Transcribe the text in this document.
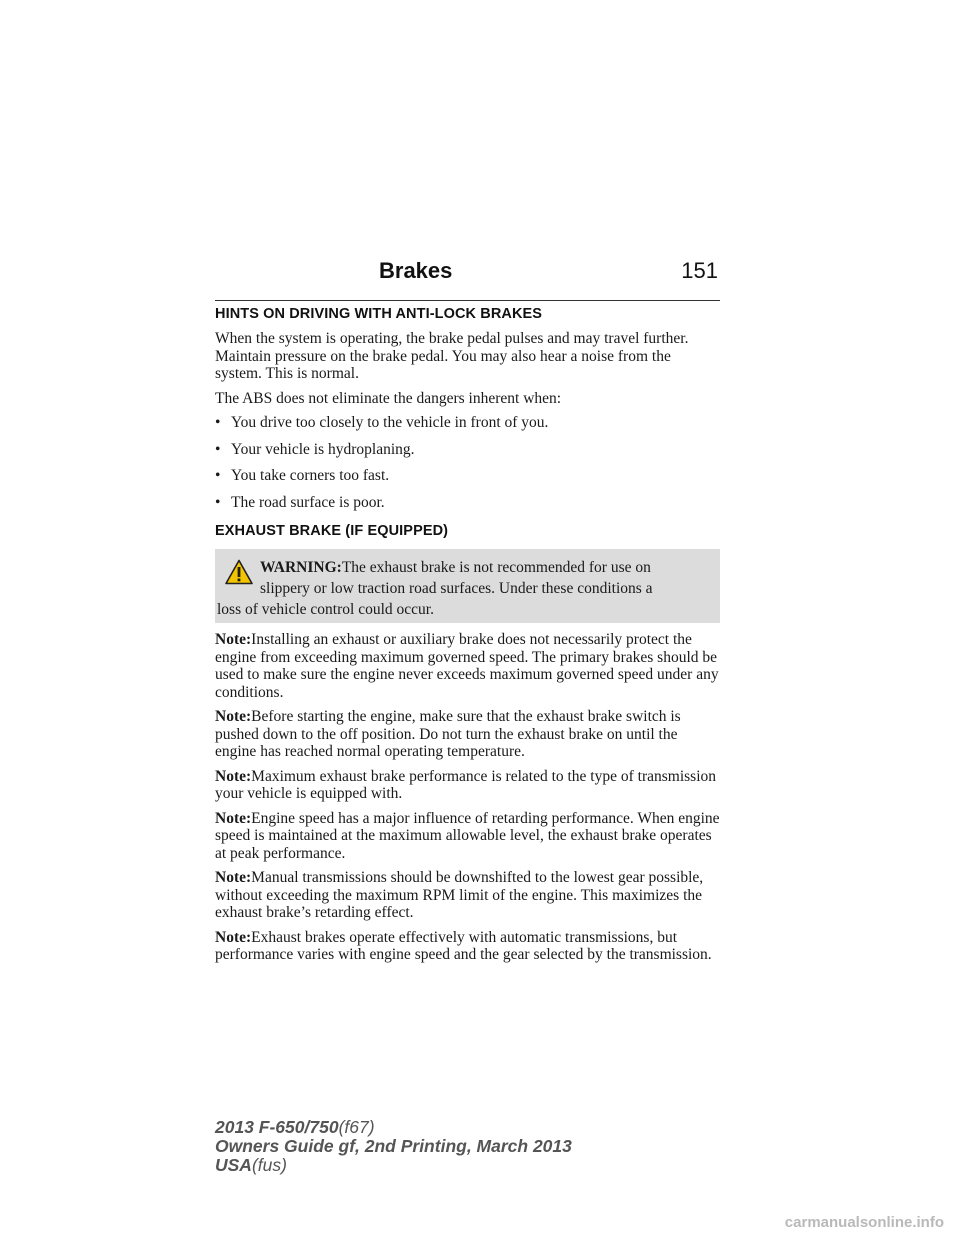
Brakes	151
HINTS ON DRIVING WITH ANTI-LOCK BRAKES

When the system is operating, the brake pedal pulses and may travel further. Maintain pressure on the brake pedal. You may also hear a noise from the system. This is normal.

The ABS does not eliminate the dangers inherent when:

• You drive too closely to the vehicle in front of you.
• Your vehicle is hydroplaning.
• You take corners too fast.
• The road surface is poor.
EXHAUST BRAKE (IF EQUIPPED)
WARNING:The exhaust brake is not recommended for use on
slippery or low traction road surfaces. Under these conditions a
loss of vehicle control could occur.

Note:Installing an exhaust or auxiliary brake does not necessarily protect the engine from exceeding maximum governed speed. The primary brakes should be used to make sure the engine never exceeds maximum governed speed under any conditions.

Note:Before starting the engine, make sure that the exhaust brake switch is pushed down to the off position. Do not turn the exhaust brake on until the engine has reached normal operating temperature.

Note:Maximum exhaust brake performance is related to the type of transmission your vehicle is equipped with.

Note:Engine speed has a major influence of retarding performance. When engine speed is maintained at the maximum allowable level, the exhaust brake operates at peak performance.

Note:Manual transmissions should be downshifted to the lowest gear possible, without exceeding the maximum RPM limit of the engine. This maximizes the exhaust brake’s retarding effect.

Note:Exhaust brakes operate effectively with automatic transmissions, but performance varies with engine speed and the gear selected by the transmission.

2013 F-650/750(f67)
Owners Guide gf, 2nd Printing, March 2013
USA(fus)
carmanualsonline.info
